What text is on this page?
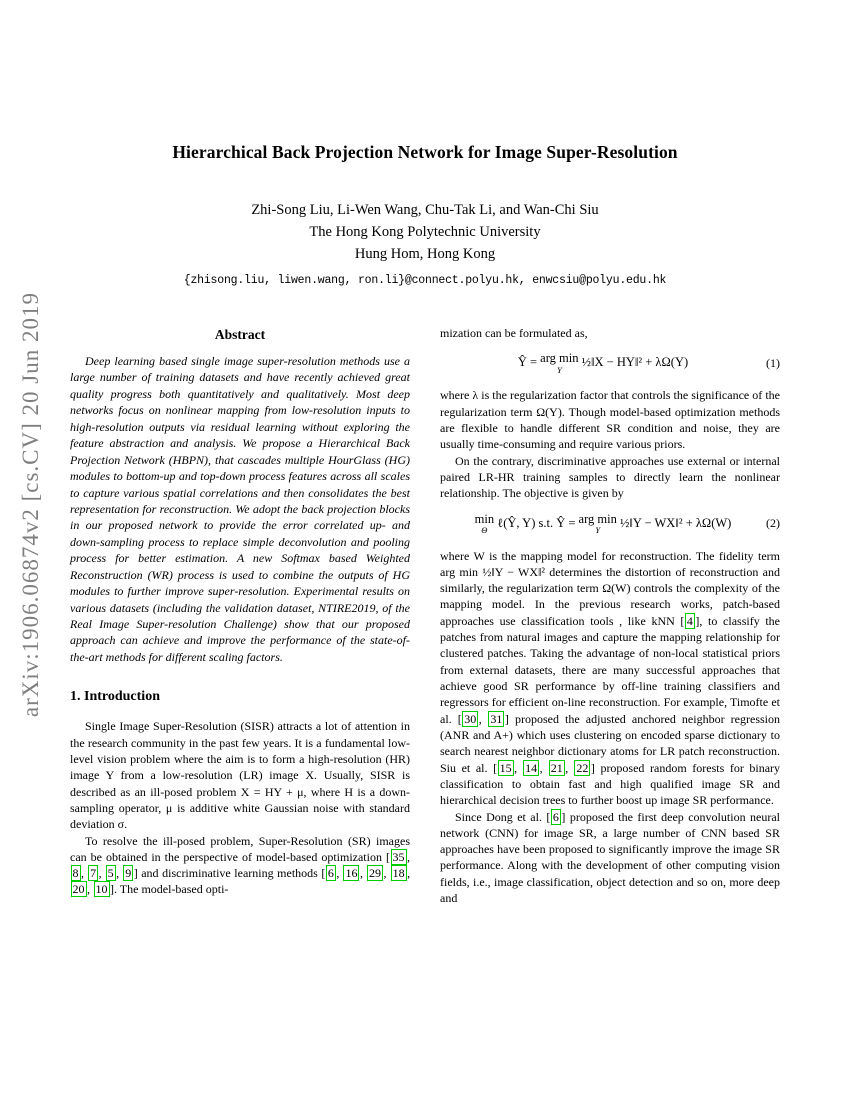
arXiv:1906.06874v2 [cs.CV] 20 Jun 2019
Hierarchical Back Projection Network for Image Super-Resolution
Zhi-Song Liu, Li-Wen Wang, Chu-Tak Li, and Wan-Chi Siu
The Hong Kong Polytechnic University
Hung Hom, Hong Kong
{zhisong.liu, liwen.wang, ron.li}@connect.polyu.hk, enwcsiu@polyu.edu.hk
Abstract

Deep learning based single image super-resolution methods use a large number of training datasets and have recently achieved great quality progress both quantitatively and qualitatively. Most deep networks focus on nonlinear mapping from low-resolution inputs to high-resolution outputs via residual learning without exploring the feature abstraction and analysis. We propose a Hierarchical Back Projection Network (HBPN), that cascades multiple HourGlass (HG) modules to bottom-up and top-down process features across all scales to capture various spatial correlations and then consolidates the best representation for reconstruction. We adopt the back projection blocks in our proposed network to provide the error correlated up- and down-sampling process to replace simple deconvolution and pooling process for better estimation. A new Softmax based Weighted Reconstruction (WR) process is used to combine the outputs of HG modules to further improve super-resolution. Experimental results on various datasets (including the validation dataset, NTIRE2019, of the Real Image Super-resolution Challenge) show that our proposed approach can achieve and improve the performance of the state-of-the-art methods for different scaling factors.

1. Introduction

Single Image Super-Resolution (SISR) attracts a lot of attention in the research community in the past few years. It is a fundamental low-level vision problem where the aim is to form a high-resolution (HR) image Y from a low-resolution (LR) image X. Usually, SISR is described as an ill-posed problem X = HY + μ, where H is a down-sampling operator, μ is additive white Gaussian noise with standard deviation σ.

To resolve the ill-posed problem, Super-Resolution (SR) images can be obtained in the perspective of model-based optimization [ 35 , 8 , 7 , 5 , 9 ] and discriminative learning methods [ 6 , 16 , 29 , 18 , 20 , 10 ]. The model-based opti-

mization can be formulated as,

Ŷ = arg min
Y
½‖X − HY‖² + λΩ(Y)	(1)

where λ is the regularization factor that controls the significance of the regularization term Ω(Y). Though model-based optimization methods are flexible to handle different SR condition and noise, they are usually time-consuming and require various priors.

On the contrary, discriminative approaches use external or internal paired LR-HR training samples to directly learn the nonlinear relationship. The objective is given by

min
Θ
ℓ(Ŷ, Y) s.t. Ŷ = arg min
Y
½‖Y − WX‖² + λΩ(W)	(2)

where W is the mapping model for reconstruction. The fidelity term arg min ½‖Y − WX‖² determines the distortion of reconstruction and similarly, the regularization term Ω(W) controls the complexity of the mapping model. In the previous research works, patch-based approaches use classification tools , like kNN [ 4 ], to classify the patches from natural images and capture the mapping relationship for clustered patches. Taking the advantage of non-local statistical priors from external datasets, there are many successful approaches that achieve good SR performance by off-line training classifiers and regressors for efficient on-line reconstruction. For example, Timofte et al. [ 30 , 31 ] proposed the adjusted anchored neighbor regression (ANR and A+) which uses clustering on encoded sparse dictionary to search nearest neighbor dictionary atoms for LR patch reconstruction. Siu et al. [ 15 , 14 , 21 , 22 ] proposed random forests for binary classification to obtain fast and high qualified image SR and hierarchical decision trees to further boost up image SR performance.

Since Dong et al. [ 6 ] proposed the first deep convolution neural network (CNN) for image SR, a large number of CNN based SR approaches have been proposed to significantly improve the image SR performance. Along with the development of other computing vision fields, i.e., image classification, object detection and so on, more deep and
